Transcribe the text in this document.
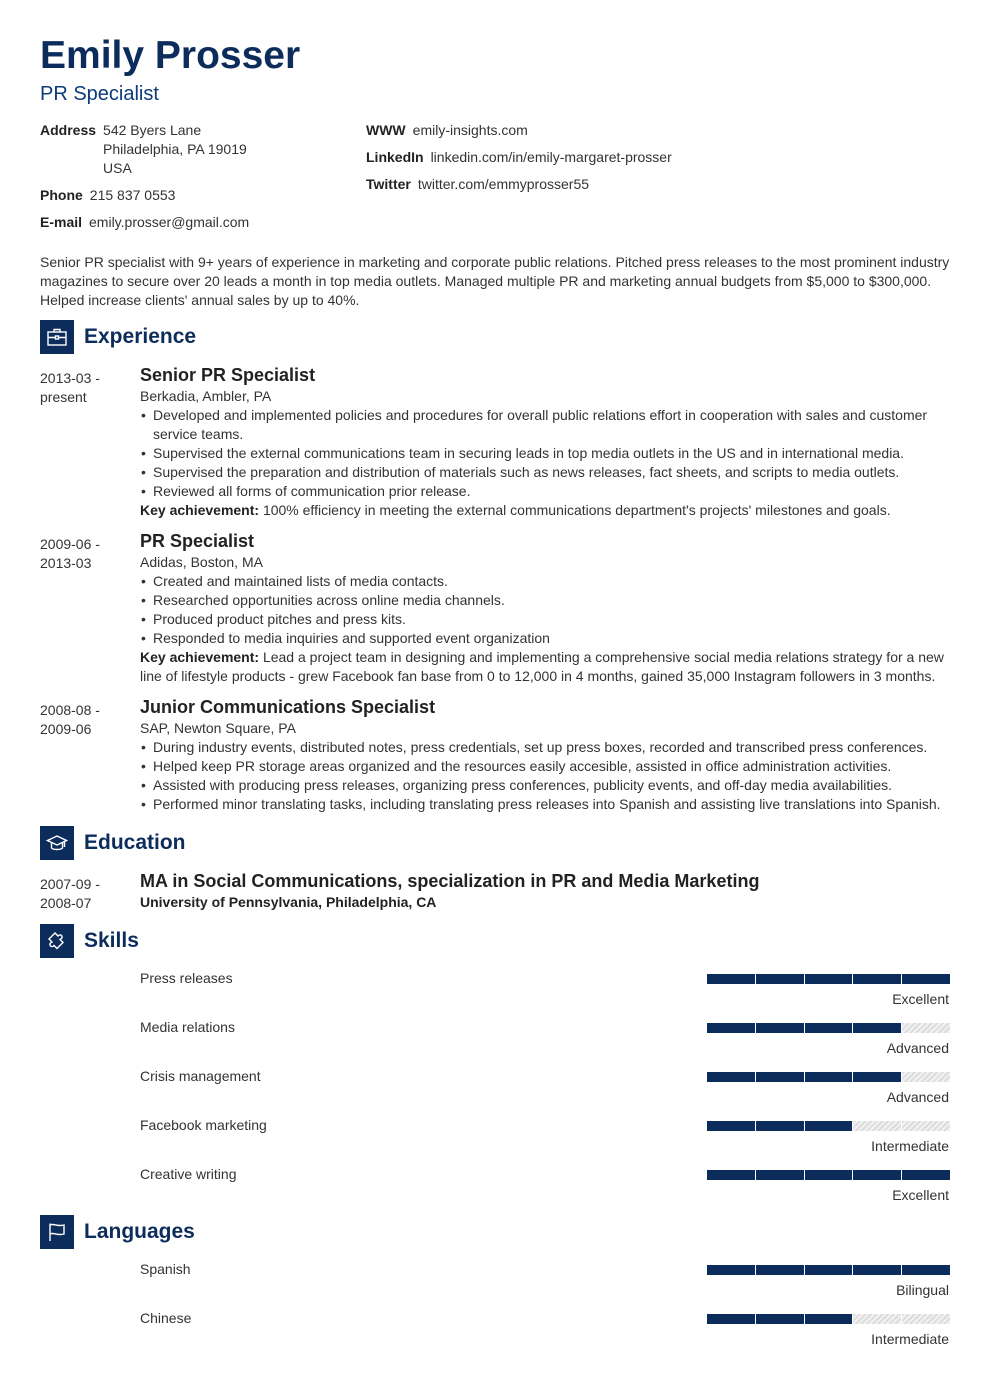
Emily Prosser
PR Specialist
Address 542 Byers Lane
Philadelphia, PA 19019
USA
Phone 215 837 0553
E-mail emily.prosser@gmail.com
WWW emily-insights.com
LinkedIn linkedin.com/in/emily-margaret-prosser
Twitter twitter.com/emmyprosser55
Senior PR specialist with 9+ years of experience in marketing and corporate public relations. Pitched press releases to the most prominent industry magazines to secure over 20 leads a month in top media outlets. Managed multiple PR and marketing annual budgets from $5,000 to $300,000. Helped increase clients' annual sales by up to 40%.
Experience
2013-03 -
present
Senior PR Specialist
Berkadia, Ambler, PA
• Developed and implemented policies and procedures for overall public relations effort in cooperation with sales and customer service teams.
• Supervised the external communications team in securing leads in top media outlets in the US and in international media.
• Supervised the preparation and distribution of materials such as news releases, fact sheets, and scripts to media outlets.
• Reviewed all forms of communication prior release.
Key achievement: 100% efficiency in meeting the external communications department's projects' milestones and goals.
2009-06 -
2013-03
PR Specialist
Adidas, Boston, MA
• Created and maintained lists of media contacts.
• Researched opportunities across online media channels.
• Produced product pitches and press kits.
• Responded to media inquiries and supported event organization
Key achievement: Lead a project team in designing and implementing a comprehensive social media relations strategy for a new line of lifestyle products - grew Facebook fan base from 0 to 12,000 in 4 months, gained 35,000 Instagram followers in 3 months.
2008-08 -
2009-06
Junior Communications Specialist
SAP, Newton Square, PA
• During industry events, distributed notes, press credentials, set up press boxes, recorded and transcribed press conferences.
• Helped keep PR storage areas organized and the resources easily accesible, assisted in office administration activities.
• Assisted with producing press releases, organizing press conferences, publicity events, and off-day media availabilities.
• Performed minor translating tasks, including translating press releases into Spanish and assisting live translations into Spanish.
Education
2007-09 -
2008-07
MA in Social Communications, specialization in PR and Media Marketing
University of Pennsylvania, Philadelphia, CA
Skills
Press releases
Excellent
Media relations
Advanced
Crisis management
Advanced
Facebook marketing
Intermediate
Creative writing
Excellent
Languages
Spanish
Bilingual
Chinese
Intermediate
